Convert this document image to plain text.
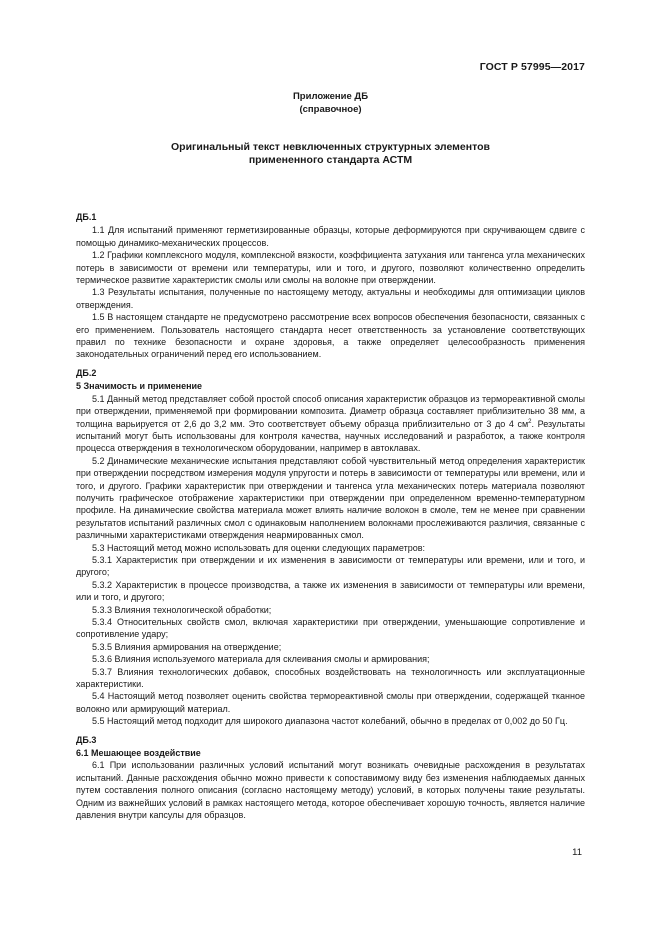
ГОСТ Р 57995—2017
Приложение ДБ
(справочное)
Оригинальный текст невключенных структурных элементов
примененного стандарта АСТМ

ДБ.1

1.1 Для испытаний применяют герметизированные образцы, которые деформируются при скручивающем сдвиге с помощью динамико-механических процессов.

1.2 Графики комплексного модуля, комплексной вязкости, коэффициента затухания или тангенса угла механических потерь в зависимости от времени или температуры, или и того, и другого, позволяют количественно определить термическое развитие характеристик смолы или смолы на волокне при отверждении.

1.3 Результаты испытания, полученные по настоящему методу, актуальны и необходимы для оптимизации циклов отверждения.

1.5 В настоящем стандарте не предусмотрено рассмотрение всех вопросов обеспечения безопасности, связанных с его применением. Пользователь настоящего стандарта несет ответственность за установление соответствующих правил по технике безопасности и охране здоровья, а также определяет целесообразность применения законодательных ограничений перед его использованием.

ДБ.2

5 Значимость и применение

5.1 Данный метод представляет собой простой способ описания характеристик образцов из термореактивной смолы при отверждении, применяемой при формировании композита. Диаметр образца составляет приблизительно 38 мм, а толщина варьируется от 2,6 до 3,2 мм. Это соответствует объему образца приблизительно от 3 до 4 $см^2$. Результаты испытаний могут быть использованы для контроля качества, научных исследований и разработок, а также контроля процесса отверждения в технологическом оборудовании, например в автоклавах.

5.2 Динамические механические испытания представляют собой чувствительный метод определения характеристик при отверждении посредством измерения модуля упругости и потерь в зависимости от температуры или времени, или и того, и другого. Графики характеристик при отверждении и тангенса угла механических потерь материала позволяют получить графическое отображение характеристики при отверждении при определенном временно-температурном профиле. На динамические свойства материала может влиять наличие волокон в смоле, тем не менее при сравнении результатов испытаний различных смол с одинаковым наполнением волокнами прослеживаются различия, связанные с различными характеристиками отверждения неармированных смол.

5.3 Настоящий метод можно использовать для оценки следующих параметров:

5.3.1 Характеристик при отверждении и их изменения в зависимости от температуры или времени, или и того, и другого;

5.3.2 Характеристик в процессе производства, а также их изменения в зависимости от температуры или времени, или и того, и другого;

5.3.3 Влияния технологической обработки;

5.3.4 Относительных свойств смол, включая характеристики при отверждении, уменьшающие сопротивление и сопротивление удару;

5.3.5 Влияния армирования на отверждение;

5.3.6 Влияния используемого материала для склеивания смолы и армирования;

5.3.7 Влияния технологических добавок, способных воздействовать на технологичность или эксплуатационные характеристики.

5.4 Настоящий метод позволяет оценить свойства термореактивной смолы при отверждении, содержащей тканное волокно или армирующий материал.

5.5 Настоящий метод подходит для широкого диапазона частот колебаний, обычно в пределах от 0,002 до 50 Гц.

ДБ.3

6.1 Мешающее воздействие

6.1 При использовании различных условий испытаний могут возникать очевидные расхождения в результатах испытаний. Данные расхождения обычно можно привести к сопоставимому виду без изменения наблюдаемых данных путем составления полного описания (согласно настоящему методу) условий, в которых получены такие результаты. Одним из важнейших условий в рамках настоящего метода, которое обеспечивает хорошую точность, является наличие давления внутри капсулы для образцов.

11
